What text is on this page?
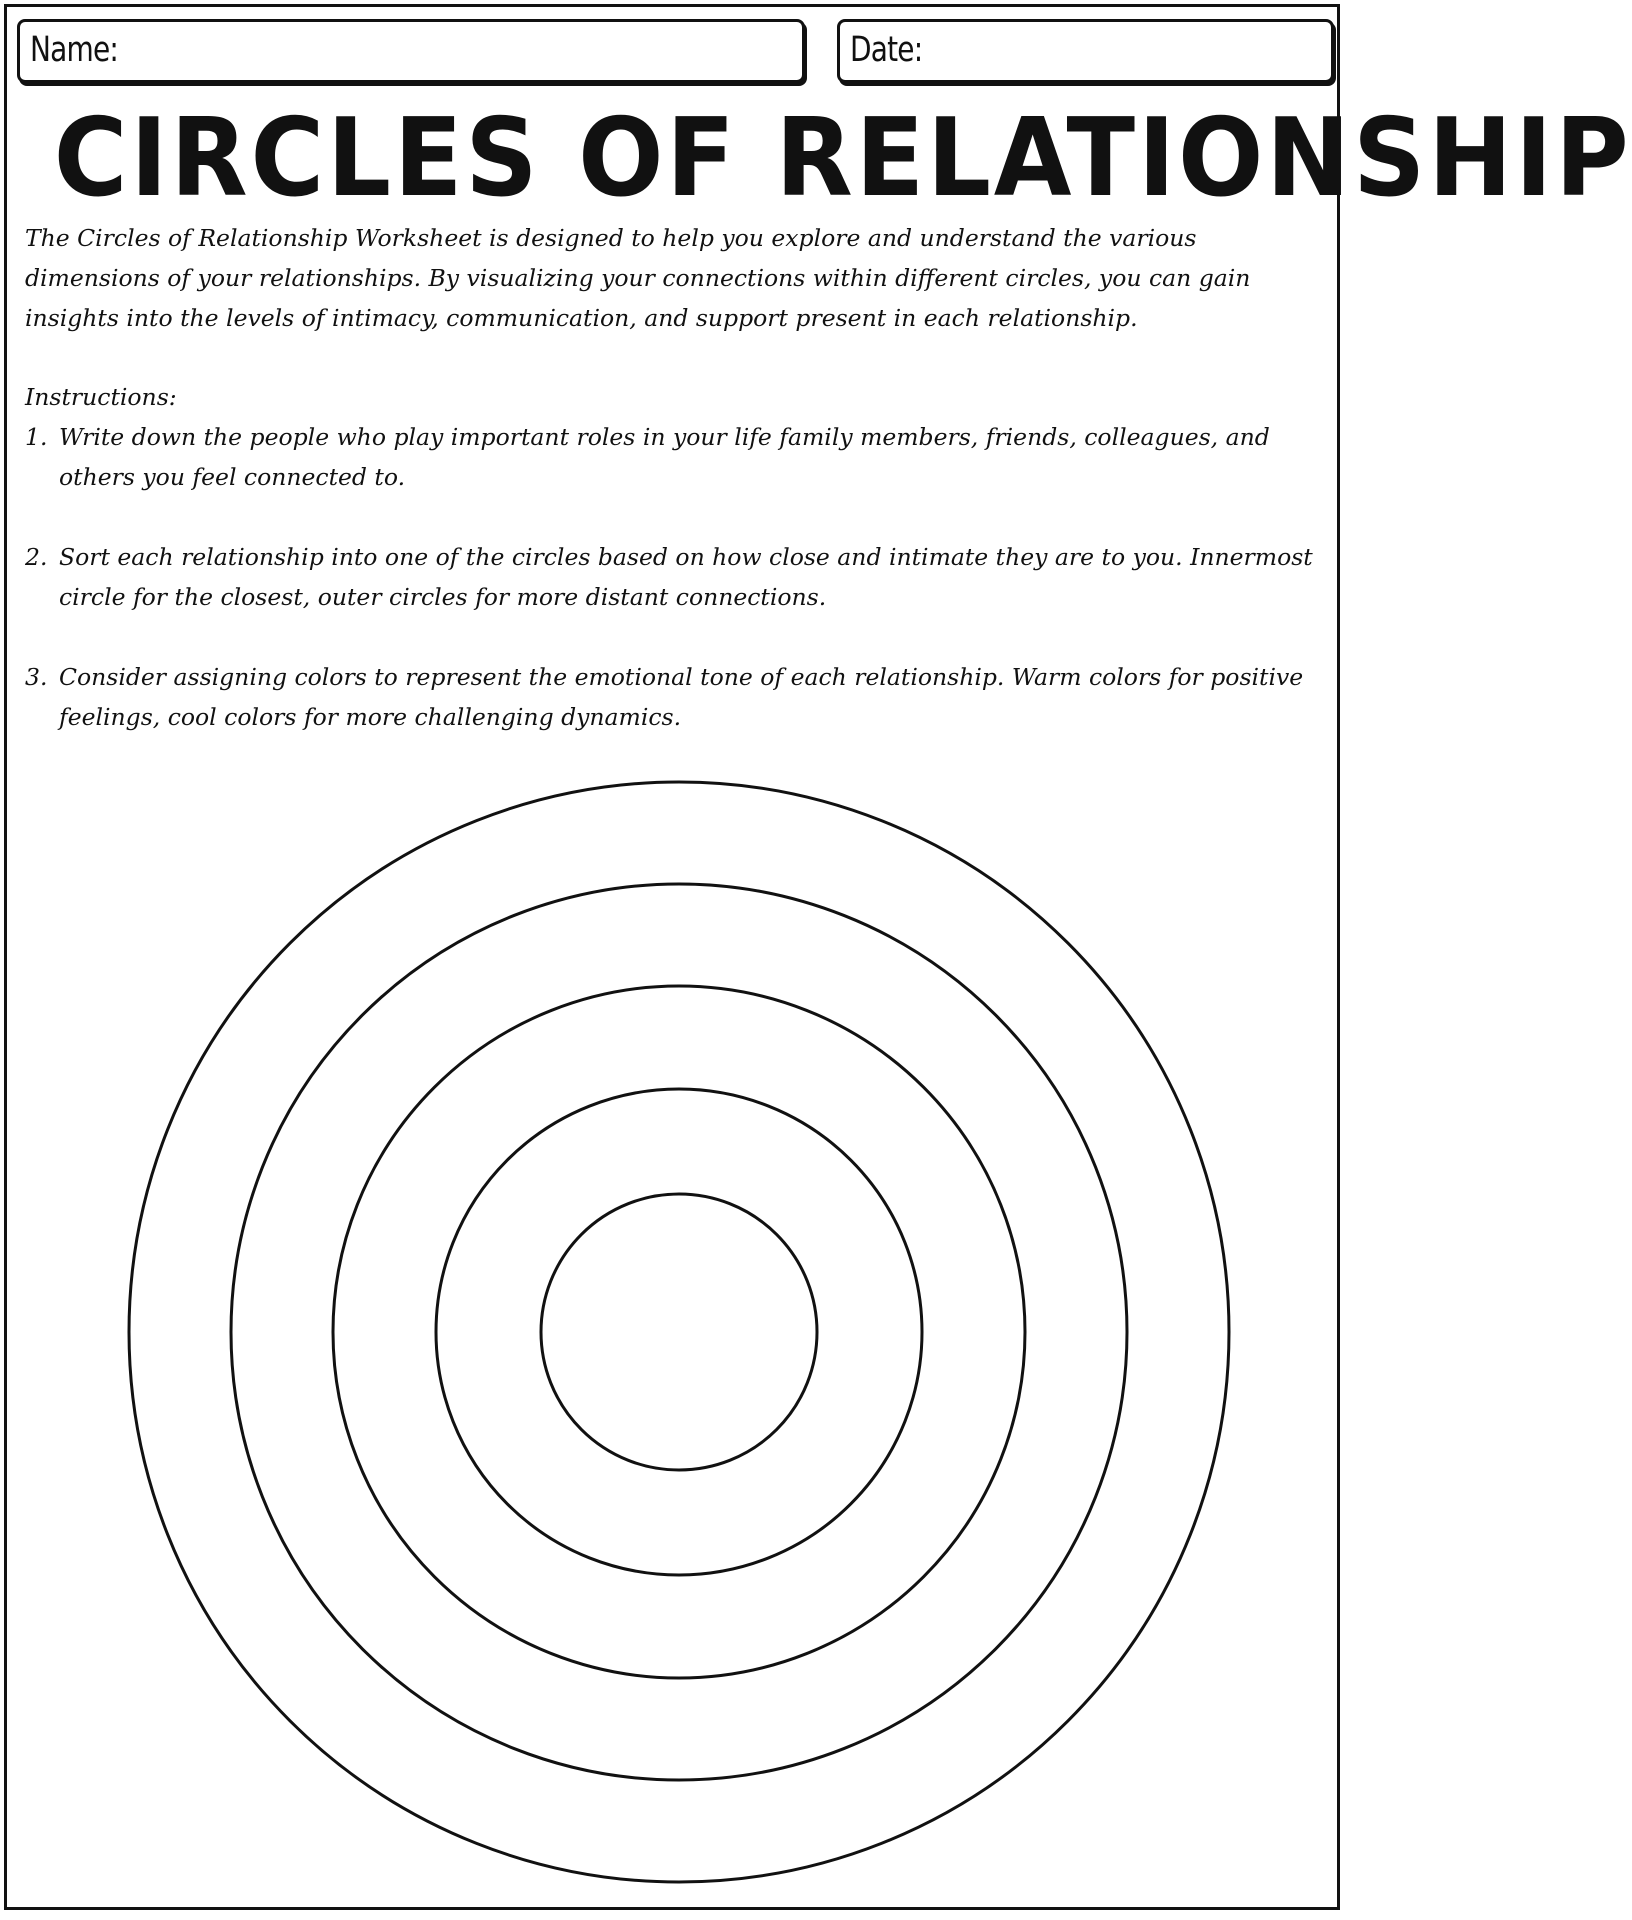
Name:	Date:
CIRCLES OF RELATIONSHIP
The Circles of Relationship Worksheet is designed to help you explore and understand the various dimensions of your relationships. By visualizing your connections within different circles, you can gain insights into the levels of intimacy, communication, and support present in each relationship.
Instructions:
1. Write down the people who play important roles in your life family members, friends, colleagues, and others you feel connected to.
2. Sort each relationship into one of the circles based on how close and intimate they are to you. Innermost circle for the closest, outer circles for more distant connections.
3. Consider assigning colors to represent the emotional tone of each relationship. Warm colors for positive feelings, cool colors for more challenging dynamics.
